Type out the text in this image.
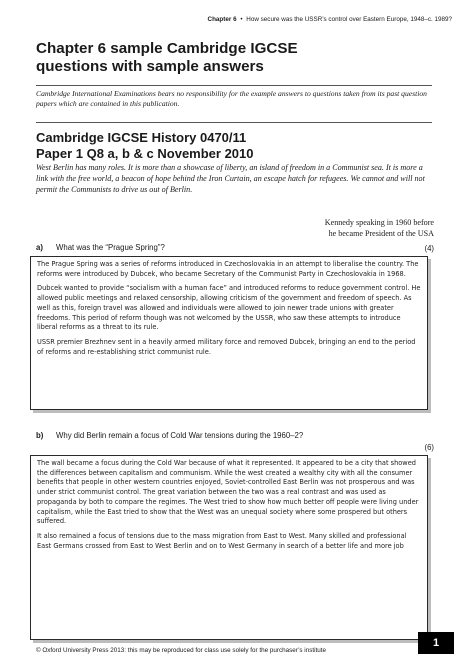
Chapter 6 • How secure was the USSR’s control over Eastern Europe, 1948–c. 1989?
Chapter 6 sample Cambridge IGCSE
questions with sample answers
Cambridge International Examinations bears no responsibility for the example answers to questions taken from its past question papers which are contained in this publication.
Cambridge IGCSE History 0470/11
Paper 1 Q8 a, b & c November 2010
West Berlin has many roles. It is more than a showcase of liberty, an island of freedom in a Communist sea. It is more a link with the free world, a beacon of hope behind the Iron Curtain, an escape hatch for refugees. We cannot and will not permit the Communists to drive us out of Berlin.
Kennedy speaking in 1960 before
he became President of the USA
a) What was the “Prague Spring”?	(4)

The Prague Spring was a series of reforms introduced in Czechoslovakia in an attempt to liberalise the country. The reforms were introduced by Dubcek, who became Secretary of the Communist Party in Czechoslovakia in 1968.

Dubcek wanted to provide “socialism with a human face” and introduced reforms to reduce government control. He allowed public meetings and relaxed censorship, allowing criticism of the government and freedom of speech. As well as this, foreign travel was allowed and individuals were allowed to join newer trade unions with greater freedoms. This period of reform though was not welcomed by the USSR, who saw these attempts to introduce liberal reforms as a threat to its rule.

USSR premier Brezhnev sent in a heavily armed military force and removed Dubcek, bringing an end to the period of reforms and re-establishing strict communist rule.

b) Why did Berlin remain a focus of Cold War tensions during the 1960–2?
(6)

The wall became a focus during the Cold War because of what it represented. It appeared to be a city that showed the differences between capitalism and communism. While the west created a wealthy city with all the consumer benefits that people in other western countries enjoyed, Soviet-controlled East Berlin was not prosperous and was under strict communist control. The great variation between the two was a real contrast and was used as propaganda by both to compare the regimes. The West tried to show how much better off people were living under capitalism, while the East tried to show that the West was an unequal society where some prospered but others suffered.

It also remained a focus of tensions due to the mass migration from East to West. Many skilled and professional East Germans crossed from East to West Berlin and on to West Germany in search of a better life and more job

© Oxford University Press 2013: this may be reproduced for class use solely for the purchaser’s institute
1
